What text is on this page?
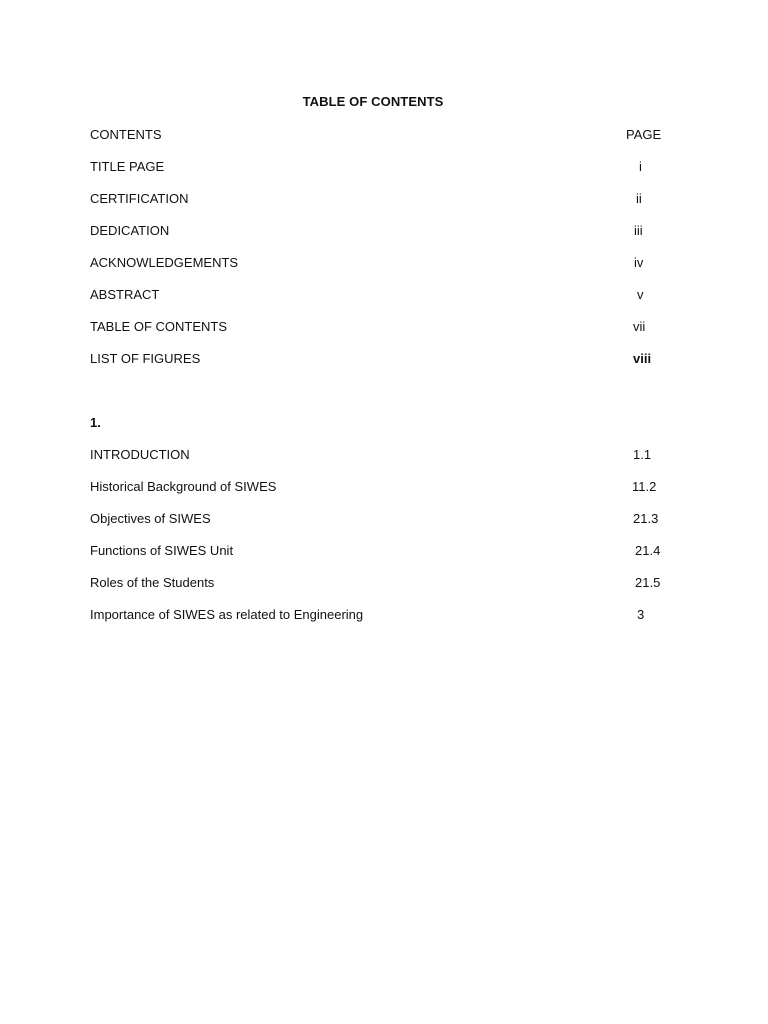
TABLE OF CONTENTS
CONTENTS	PAGE
TITLE PAGE	i
CERTIFICATION	ii
DEDICATION	iii
ACKNOWLEDGEMENTS	iv
ABSTRACT	v
TABLE OF CONTENTS	vii
LIST OF FIGURES	viii
1.
INTRODUCTION	1.1
Historical Background of SIWES	11.2
Objectives of SIWES	21.3
Functions of SIWES Unit	21.4
Roles of the Students	21.5
Importance of SIWES as related to Engineering	3
